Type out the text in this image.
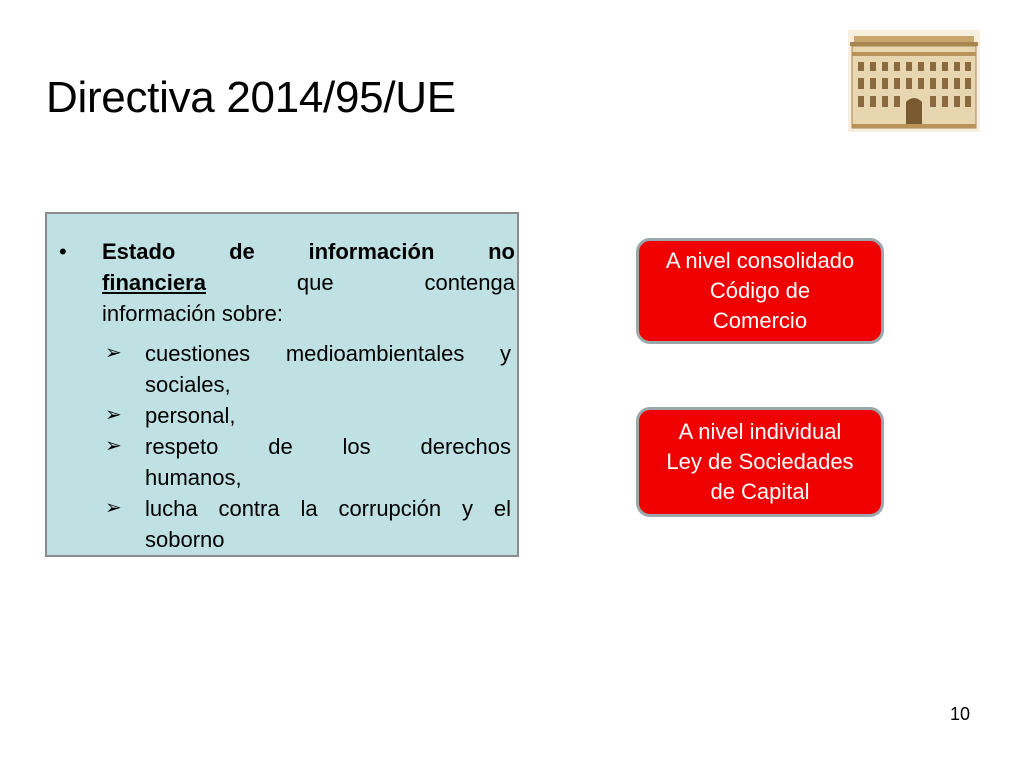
Directiva 2014/95/UE
• Estado de información no
financiera que contenga
información sobre:
➢ cuestiones medioambientales y
sociales,
➢ personal,
➢ respeto de los derechos
humanos,
➢ lucha contra la corrupción y el
soborno
A nivel consolidado
Código de
Comercio
A nivel individual
Ley de Sociedades
de Capital
10
